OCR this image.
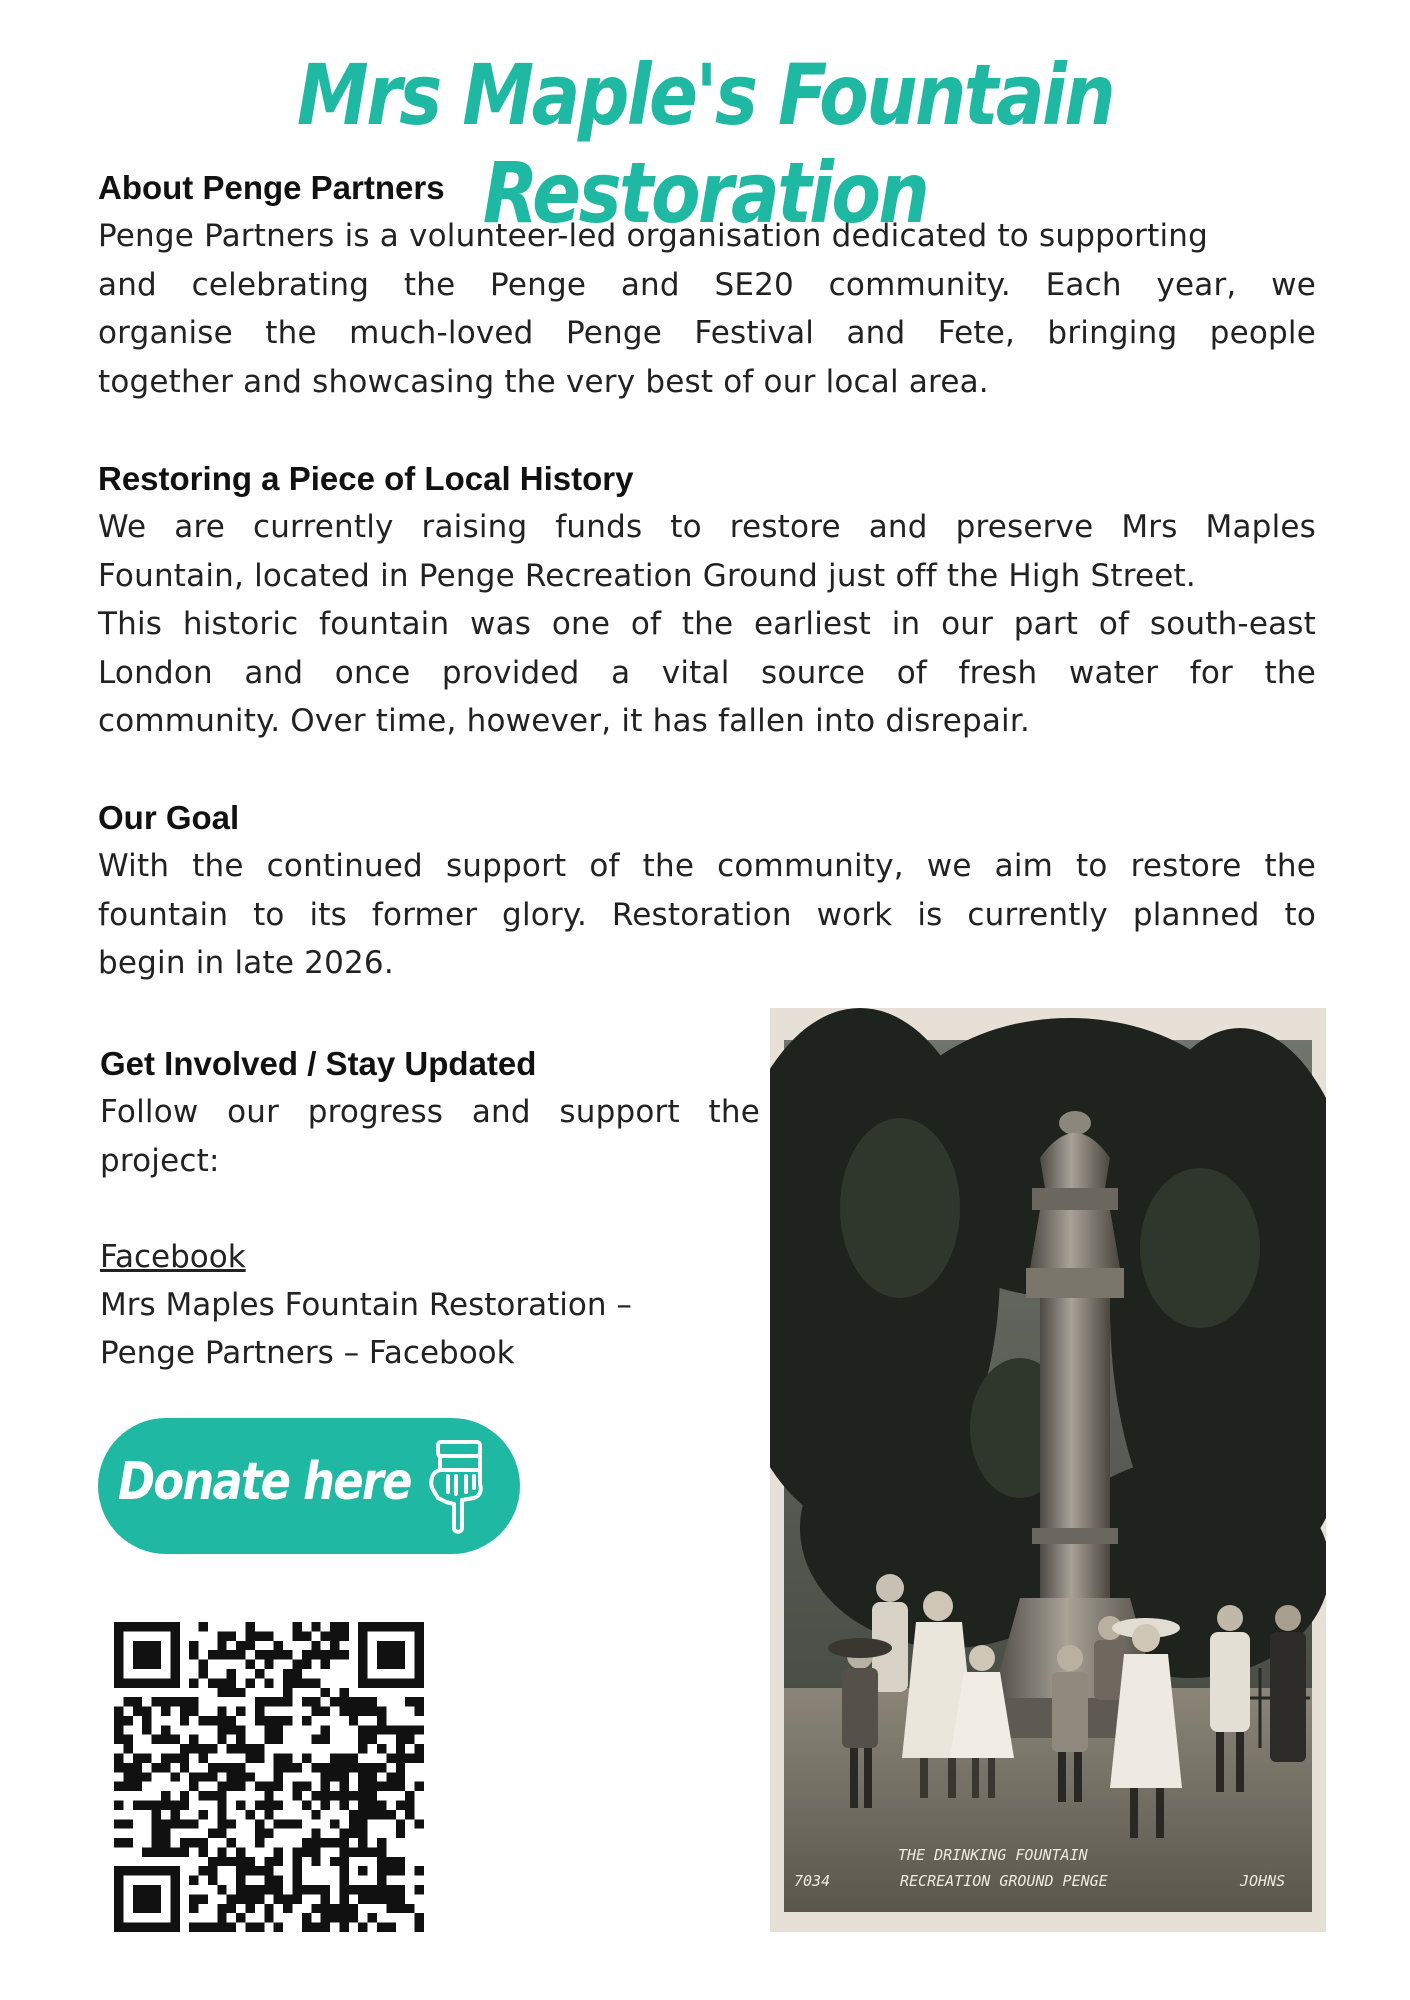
Mrs Maple's Fountain Restoration
About Penge Partners
Penge Partners is a volunteer-led organisation dedicated to supporting
and celebrating the Penge and SE20 community. Each year, we
organise the much-loved Penge Festival and Fete, bringing people
together and showcasing the very best of our local area.
Restoring a Piece of Local History
We are currently raising funds to restore and preserve Mrs Maples
Fountain, located in Penge Recreation Ground just off the High Street.
This historic fountain was one of the earliest in our part of south-east
London and once provided a vital source of fresh water for the
community. Over time, however, it has fallen into disrepair.
Our Goal
With the continued support of the community, we aim to restore the
fountain to its former glory. Restoration work is currently planned to
begin in late 2026.
Get Involved / Stay Updated
Follow our progress and support the
project:
Facebook
Mrs Maples Fountain Restoration –
Penge Partners – Facebook
Donate here
7034
THE DRINKING FOUNTAIN
RECREATION GROUND PENGE	JOHNS
